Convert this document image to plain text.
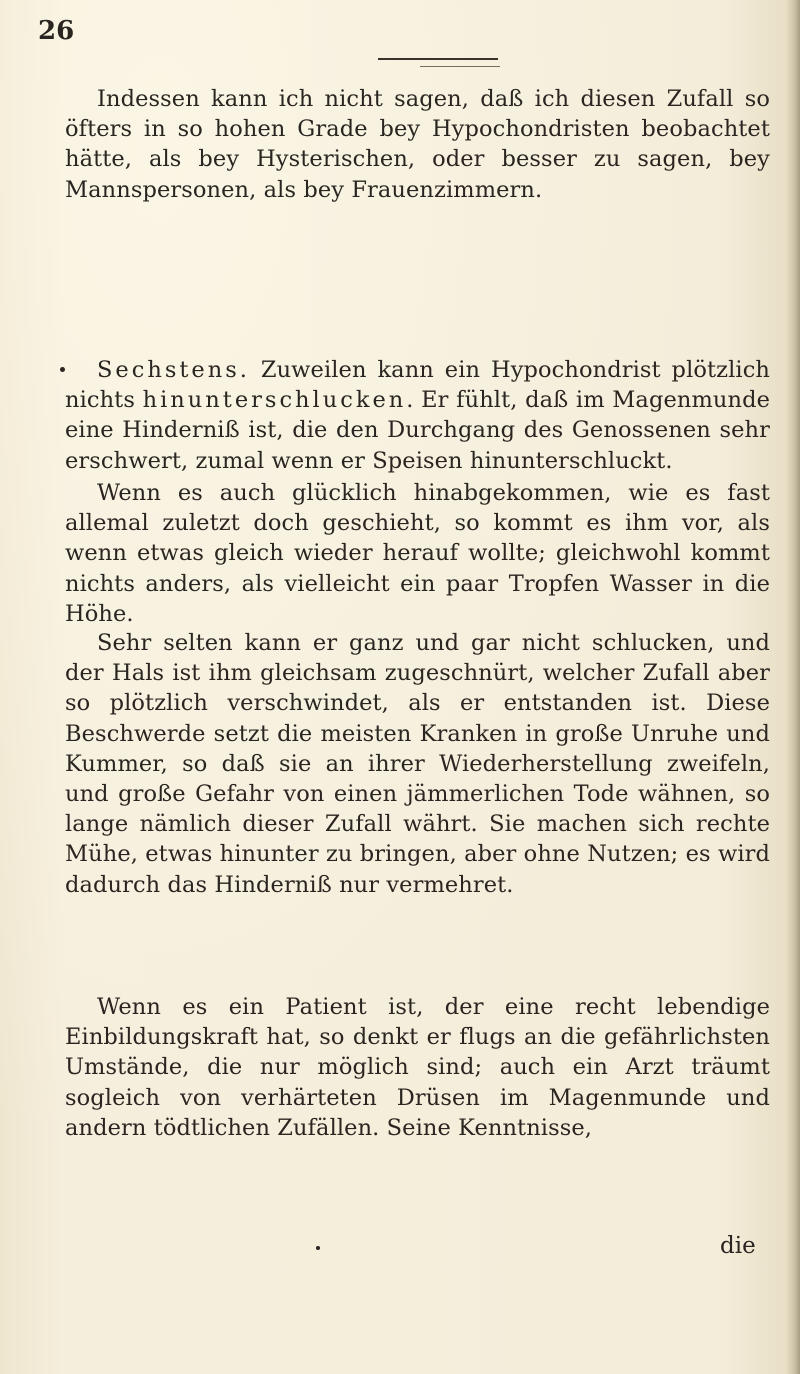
26

Indessen kann ich nicht sagen, daß ich diesen Zufall so öfters in so hohen Grade bey Hypochondristen beobachtet hätte, als bey Hysterischen, oder besser zu sagen, bey Mannspersonen, als bey Frauenzimmern.

Sechstens. Zuweilen kann ein Hypochondrist plötzlich nichts hinunterschlucken. Er fühlt, daß im Magenmunde eine Hinderniß ist, die den Durchgang des Genossenen sehr erschwert, zumal wenn er Speisen hinunterschluckt.

Wenn es auch glücklich hinabgekommen, wie es fast allemal zuletzt doch geschieht, so kommt es ihm vor, als wenn etwas gleich wieder herauf wollte; gleichwohl kommt nichts anders, als vielleicht ein paar Tropfen Wasser in die Höhe.

Sehr selten kann er ganz und gar nicht schlucken, und der Hals ist ihm gleichsam zugeschnürt, welcher Zufall aber so plötzlich verschwindet, als er entstanden ist. Diese Beschwerde setzt die meisten Kranken in große Unruhe und Kummer, so daß sie an ihrer Wiederherstellung zweifeln, und große Gefahr von einen jämmerlichen Tode wähnen, so lange nämlich dieser Zufall währt. Sie machen sich rechte Mühe, etwas hinunter zu bringen, aber ohne Nutzen; es wird dadurch das Hinderniß nur vermehret.

Wenn es ein Patient ist, der eine recht lebendige Einbildungskraft hat, so denkt er flugs an die gefährlichsten Umstände, die nur möglich sind; auch ein Arzt träumt sogleich von verhärteten Drüsen im Magenmunde und andern tödtlichen Zufällen. Seine Kenntnisse,

die
